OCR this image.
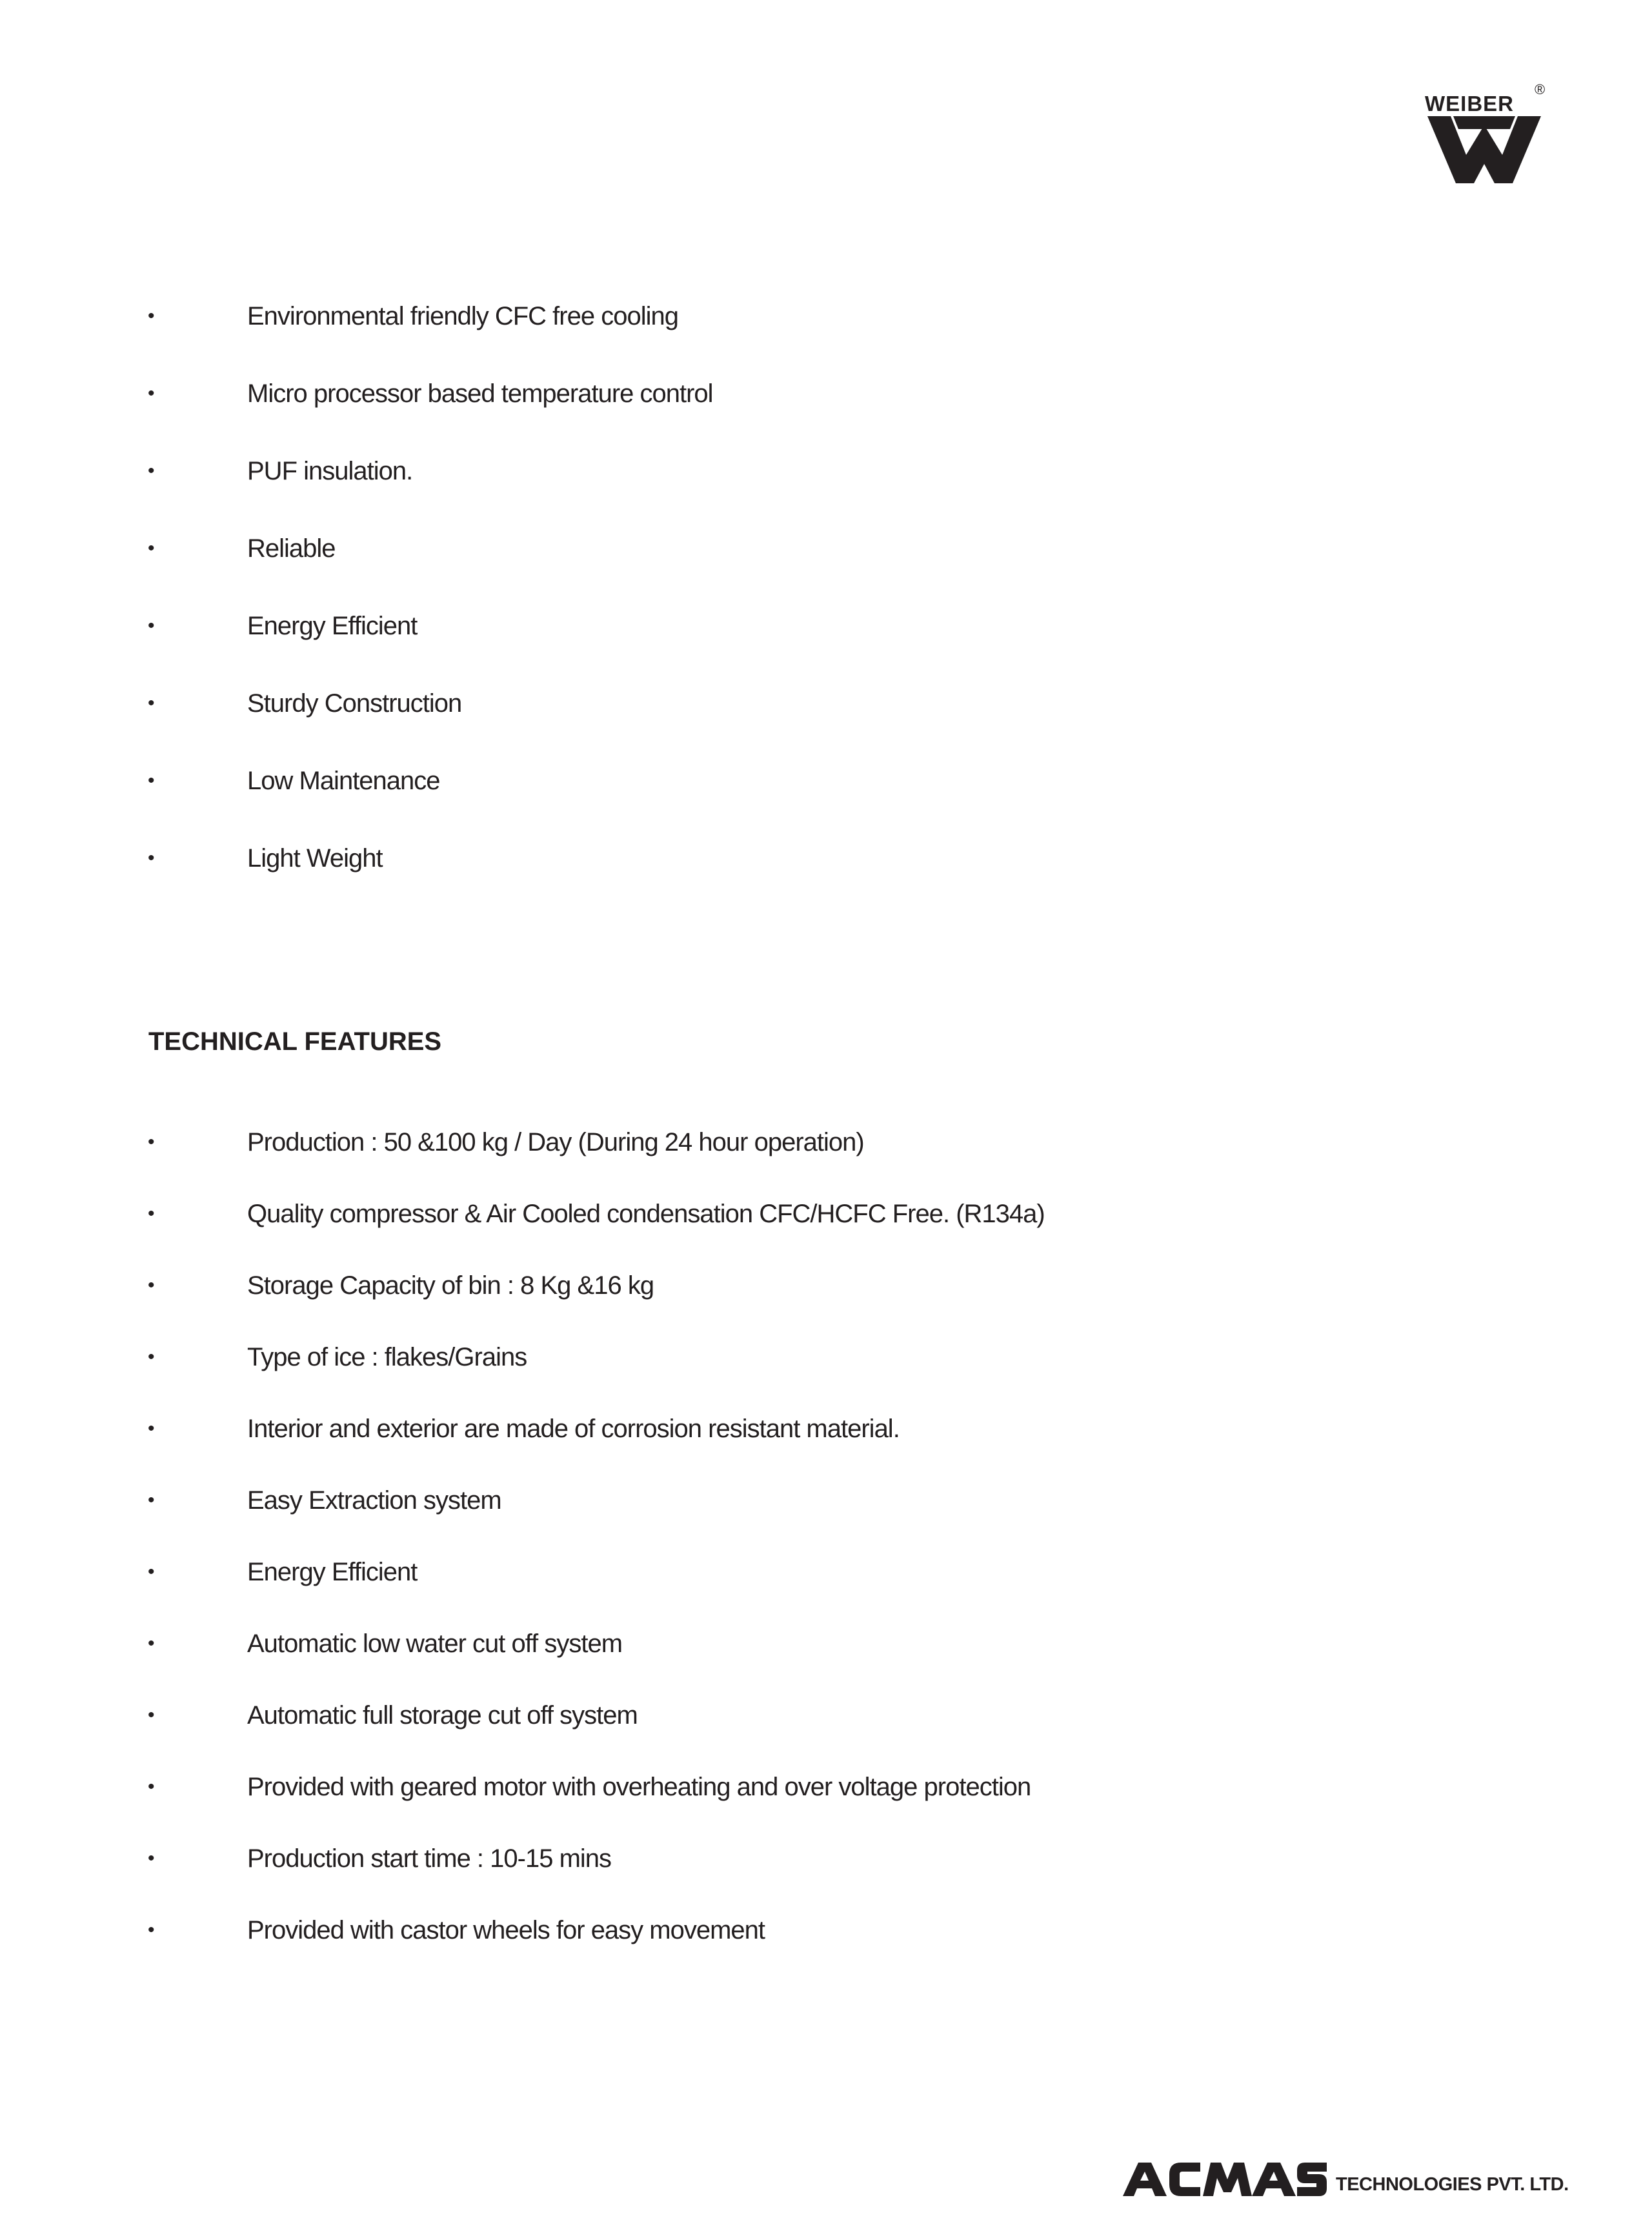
WEIBER
®
•	Environmental friendly CFC free cooling
•	Micro processor based temperature control
•	PUF insulation.
•	Reliable
•	Energy Efficient
•	Sturdy Construction
•	Low Maintenance
•	Light Weight
TECHNICAL FEATURES
•	Production : 50 &100 kg / Day (During 24 hour operation)
•	Quality compressor & Air Cooled condensation CFC/HCFC Free. (R134a)
•	Storage Capacity of bin : 8 Kg &16 kg
•	Type of ice : flakes/Grains
•	Interior and exterior are made of corrosion resistant material.
•	Easy Extraction system
•	Energy Efficient
•	Automatic low water cut off system
•	Automatic full storage cut off system
•	Provided with geared motor with overheating and over voltage protection
•	Production start time : 10-15 mins
•	Provided with castor wheels for easy movement
TECHNOLOGIES PVT. LTD.
